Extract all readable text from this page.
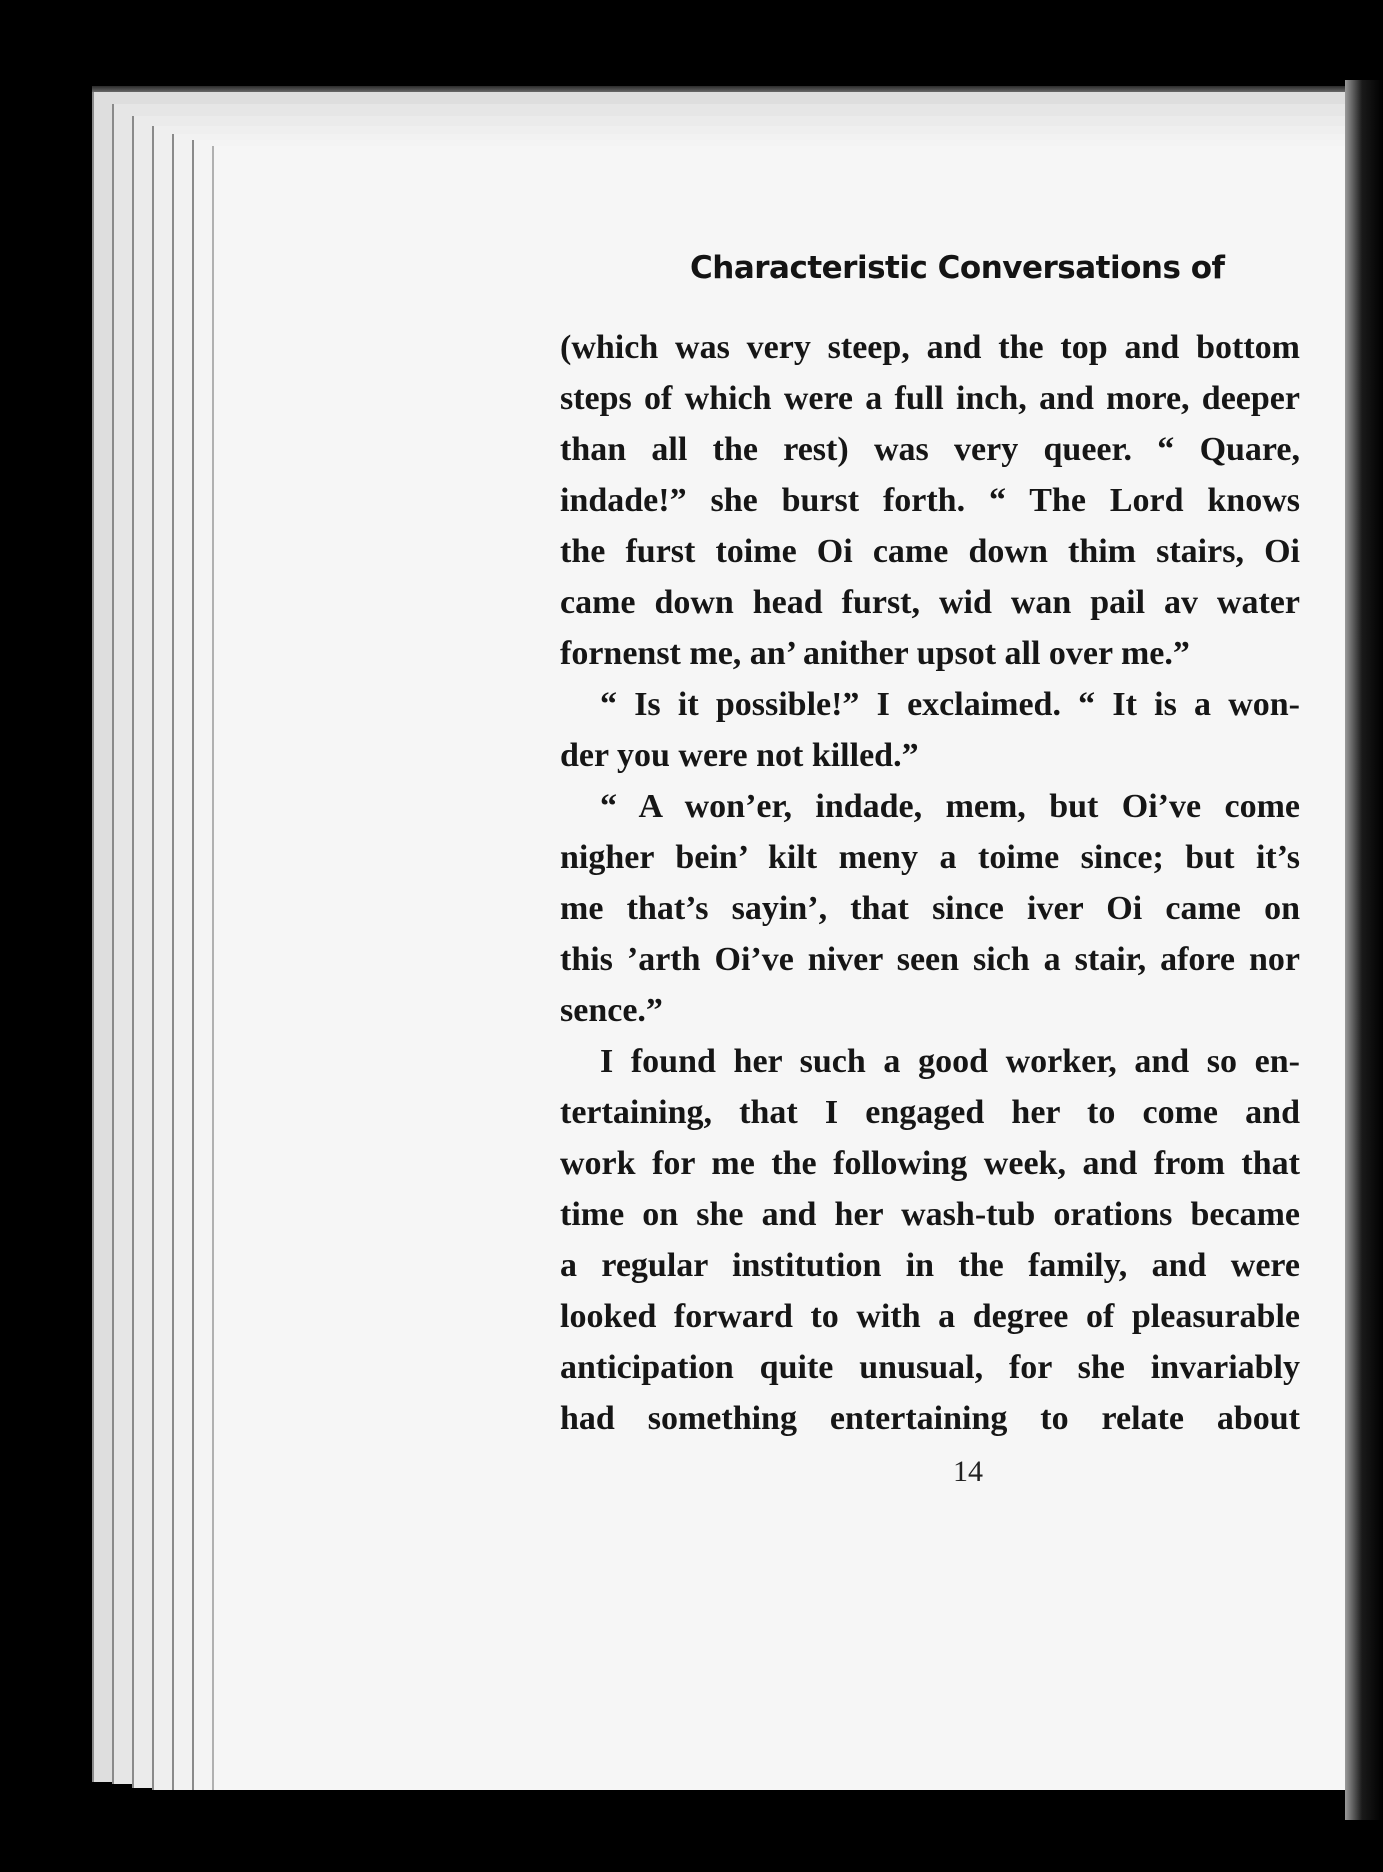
Characteristic Conversations of
(which was very steep, and the top and bottom
steps of which were a full inch, and more, deeper
than all the rest) was very queer. “ Quare,
indade!” she burst forth. “ The Lord knows
the furst toime Oi came down thim stairs, Oi
came down head furst, wid wan pail av water
fornenst me, an’ anither upsot all over me.”
“ Is it possible!” I exclaimed. “ It is a won-
der you were not killed.”
“ A won’er, indade, mem, but Oi’ve come
nigher bein’ kilt meny a toime since; but it’s
me that’s sayin’, that since iver Oi came on
this ’arth Oi’ve niver seen sich a stair, afore nor
sence.”
I found her such a good worker, and so en-
tertaining, that I engaged her to come and
work for me the following week, and from that
time on she and her wash-tub orations became
a regular institution in the family, and were
looked forward to with a degree of pleasurable
anticipation quite unusual, for she invariably
had something entertaining to relate about
14
